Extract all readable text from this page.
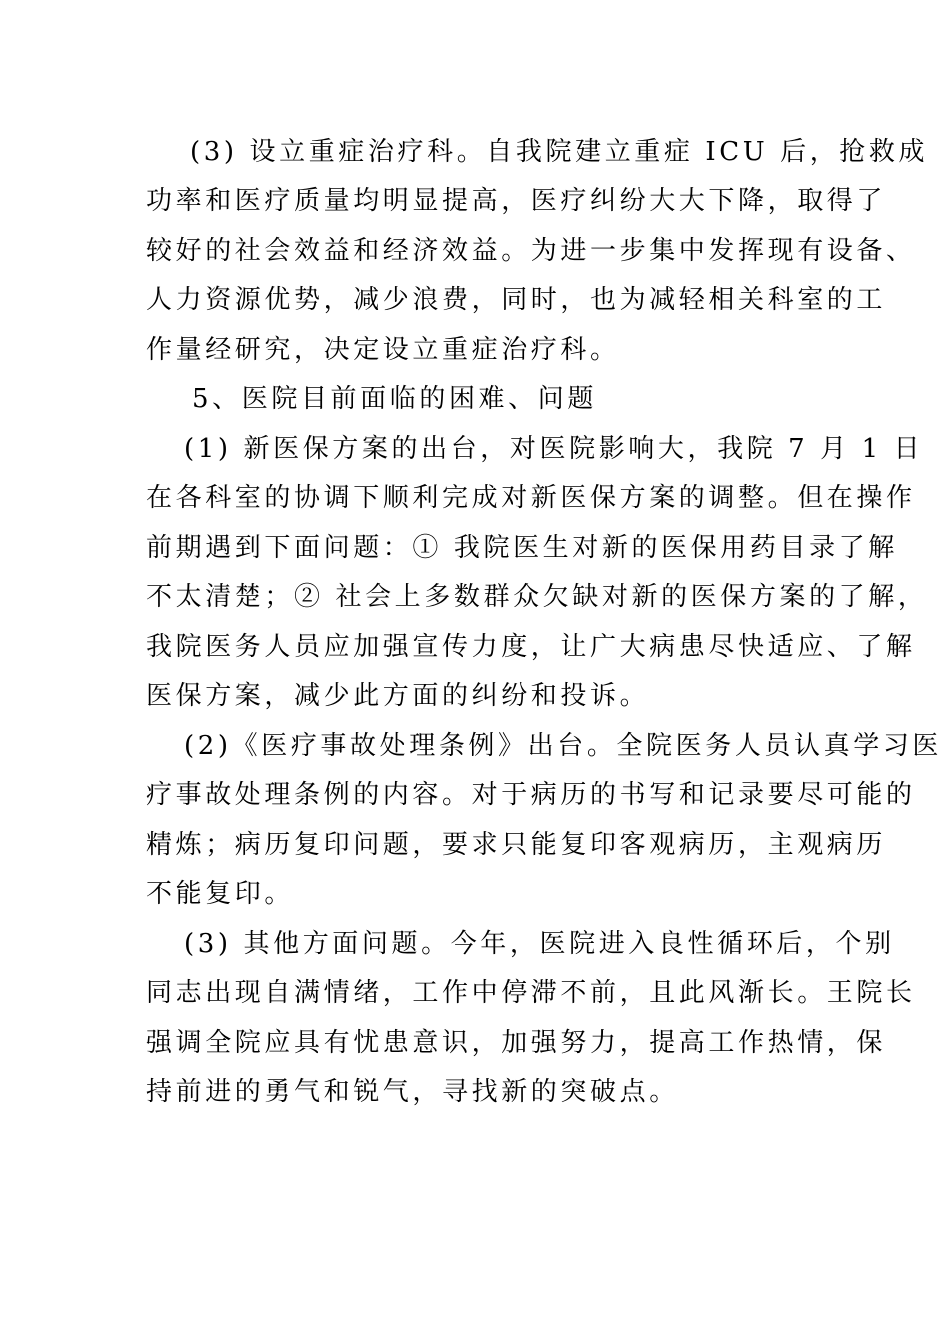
(3) 设立重症治疗科。自我院建立重症 ICU 后，抢救成
功率和医疗质量均明显提高，医疗纠纷大大下降，取得了
较好的社会效益和经济效益。为进一步集中发挥现有设备、
人力资源优势，减少浪费，同时，也为减轻相关科室的工
作量经研究，决定设立重症治疗科。
5、医院目前面临的困难、问题
(1) 新医保方案的出台，对医院影响大，我院 7 月 1 日
在各科室的协调下顺利完成对新医保方案的调整。但在操作
前期遇到下面问题：① 我院医生对新的医保用药目录了解
不太清楚；② 社会上多数群众欠缺对新的医保方案的了解，
我院医务人员应加强宣传力度，让广大病患尽快适应、了解
医保方案，减少此方面的纠纷和投诉。
(2)《医疗事故处理条例》出台。全院医务人员认真学习医
疗事故处理条例的内容。对于病历的书写和记录要尽可能的
精炼；病历复印问题，要求只能复印客观病历，主观病历
不能复印。
(3) 其他方面问题。今年，医院进入良性循环后，个别
同志出现自满情绪，工作中停滞不前，且此风渐长。王院长
强调全院应具有忧患意识，加强努力，提高工作热情，保
持前进的勇气和锐气，寻找新的突破点。
